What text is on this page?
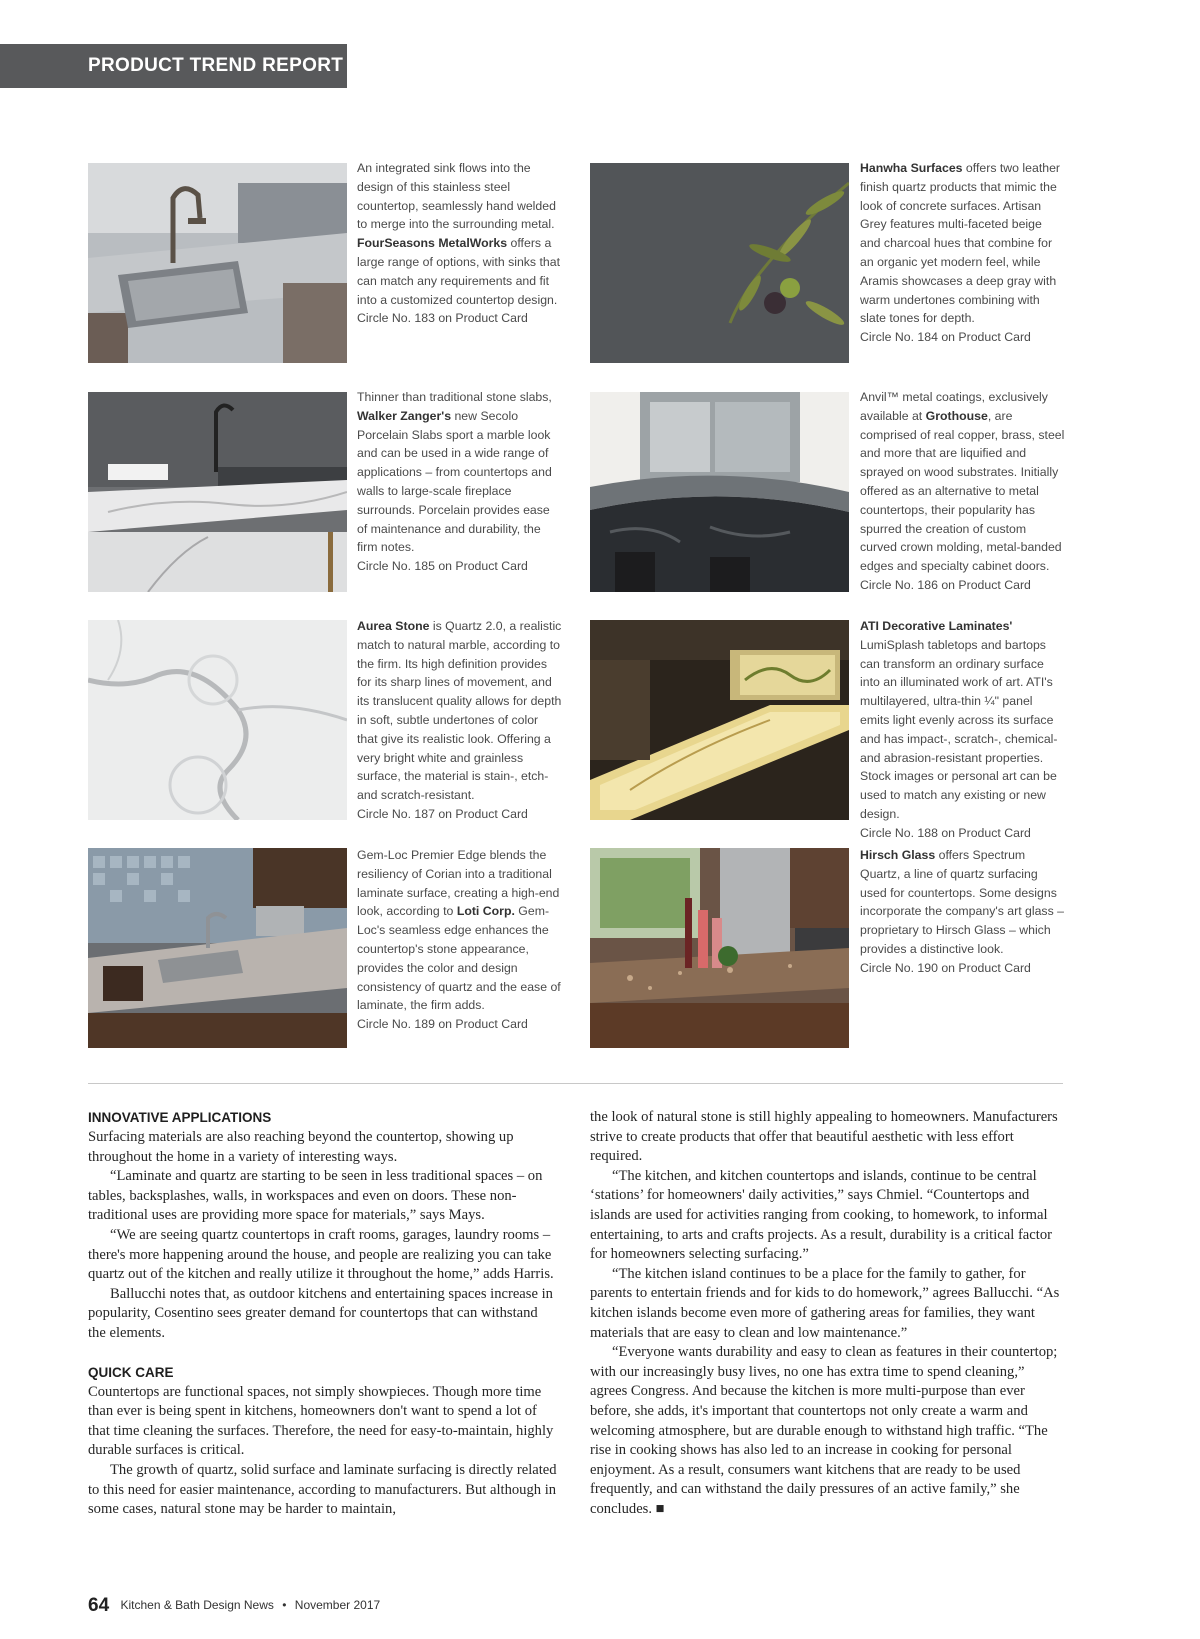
PRODUCT TREND REPORT
An integrated sink flows into the design of this stainless steel countertop, seamlessly hand welded to merge into the surrounding metal. FourSeasons MetalWorks offers a large range of options, with sinks that can match any requirements and fit into a customized countertop design.
Circle No. 183 on Product Card
Hanwha Surfaces offers two leather finish quartz products that mimic the look of concrete surfaces. Artisan Grey features multi-faceted beige and charcoal hues that combine for an organic yet modern feel, while Aramis showcases a deep gray with warm undertones combining with slate tones for depth.
Circle No. 184 on Product Card
Thinner than traditional stone slabs, Walker Zanger's new Secolo Porcelain Slabs sport a marble look and can be used in a wide range of applications – from countertops and walls to large-scale fireplace surrounds. Porcelain provides ease of maintenance and durability, the firm notes.
Circle No. 185 on Product Card
Anvil™ metal coatings, exclusively available at Grothouse, are comprised of real copper, brass, steel and more that are liquified and sprayed on wood substrates. Initially offered as an alternative to metal countertops, their popularity has spurred the creation of custom curved crown molding, metal-banded edges and specialty cabinet doors.
Circle No. 186 on Product Card
Aurea Stone is Quartz 2.0, a realistic match to natural marble, according to the firm. Its high definition provides for its sharp lines of movement, and its translucent quality allows for depth in soft, subtle undertones of color that give its realistic look. Offering a very bright white and grainless surface, the material is stain-, etch- and scratch-resistant.
Circle No. 187 on Product Card
ATI Decorative Laminates' LumiSplash tabletops and bartops can transform an ordinary surface into an illuminated work of art. ATI's multilayered, ultra-thin ¼" panel emits light evenly across its surface and has impact-, scratch-, chemical- and abrasion-resistant properties. Stock images or personal art can be used to match any existing or new design.
Circle No. 188 on Product Card
Gem-Loc Premier Edge blends the resiliency of Corian into a traditional laminate surface, creating a high-end look, according to Loti Corp. Gem-Loc's seamless edge enhances the countertop's stone appearance, provides the color and design consistency of quartz and the ease of laminate, the firm adds.
Circle No. 189 on Product Card
Hirsch Glass offers Spectrum Quartz, a line of quartz surfacing used for countertops. Some designs incorporate the company's art glass – proprietary to Hirsch Glass – which provides a distinctive look.
Circle No. 190 on Product Card
INNOVATIVE APPLICATIONS

Surfacing materials are also reaching beyond the countertop, showing up throughout the home in a variety of interesting ways.

“Laminate and quartz are starting to be seen in less traditional spaces – on tables, backsplashes, walls, in workspaces and even on doors. These non-traditional uses are providing more space for materials,” says Mays.

“We are seeing quartz countertops in craft rooms, garages, laundry rooms – there's more happening around the house, and people are realizing you can take quartz out of the kitchen and really utilize it throughout the home,” adds Harris.

Ballucchi notes that, as outdoor kitchens and entertaining spaces increase in popularity, Cosentino sees greater demand for countertops that can withstand the elements.

QUICK CARE

Countertops are functional spaces, not simply showpieces. Though more time than ever is being spent in kitchens, homeowners don't want to spend a lot of that time cleaning the surfaces. Therefore, the need for easy-to-maintain, highly durable surfaces is critical.

The growth of quartz, solid surface and laminate surfacing is directly related to this need for easier maintenance, according to manufacturers. But although in some cases, natural stone may be harder to maintain,

the look of natural stone is still highly appealing to homeowners. Manufacturers strive to create products that offer that beautiful aesthetic with less effort required.

“The kitchen, and kitchen countertops and islands, continue to be central ‘stations’ for homeowners' daily activities,” says Chmiel. “Countertops and islands are used for activities ranging from cooking, to homework, to informal entertaining, to arts and crafts projects. As a result, durability is a critical factor for homeowners selecting surfacing.”

“The kitchen island continues to be a place for the family to gather, for parents to entertain friends and for kids to do homework,” agrees Ballucchi. “As kitchen islands become even more of gathering areas for families, they want materials that are easy to clean and low maintenance.”

“Everyone wants durability and easy to clean as features in their countertop; with our increasingly busy lives, no one has extra time to spend cleaning,” agrees Congress. And because the kitchen is more multi-purpose than ever before, she adds, it's important that countertops not only create a warm and welcoming atmosphere, but are durable enough to withstand high traffic. “The rise in cooking shows has also led to an increase in cooking for personal enjoyment. As a result, consumers want kitchens that are ready to be used frequently, and can withstand the daily pressures of an active family,” she concludes. ■

64 Kitchen & Bath Design News • November 2017
